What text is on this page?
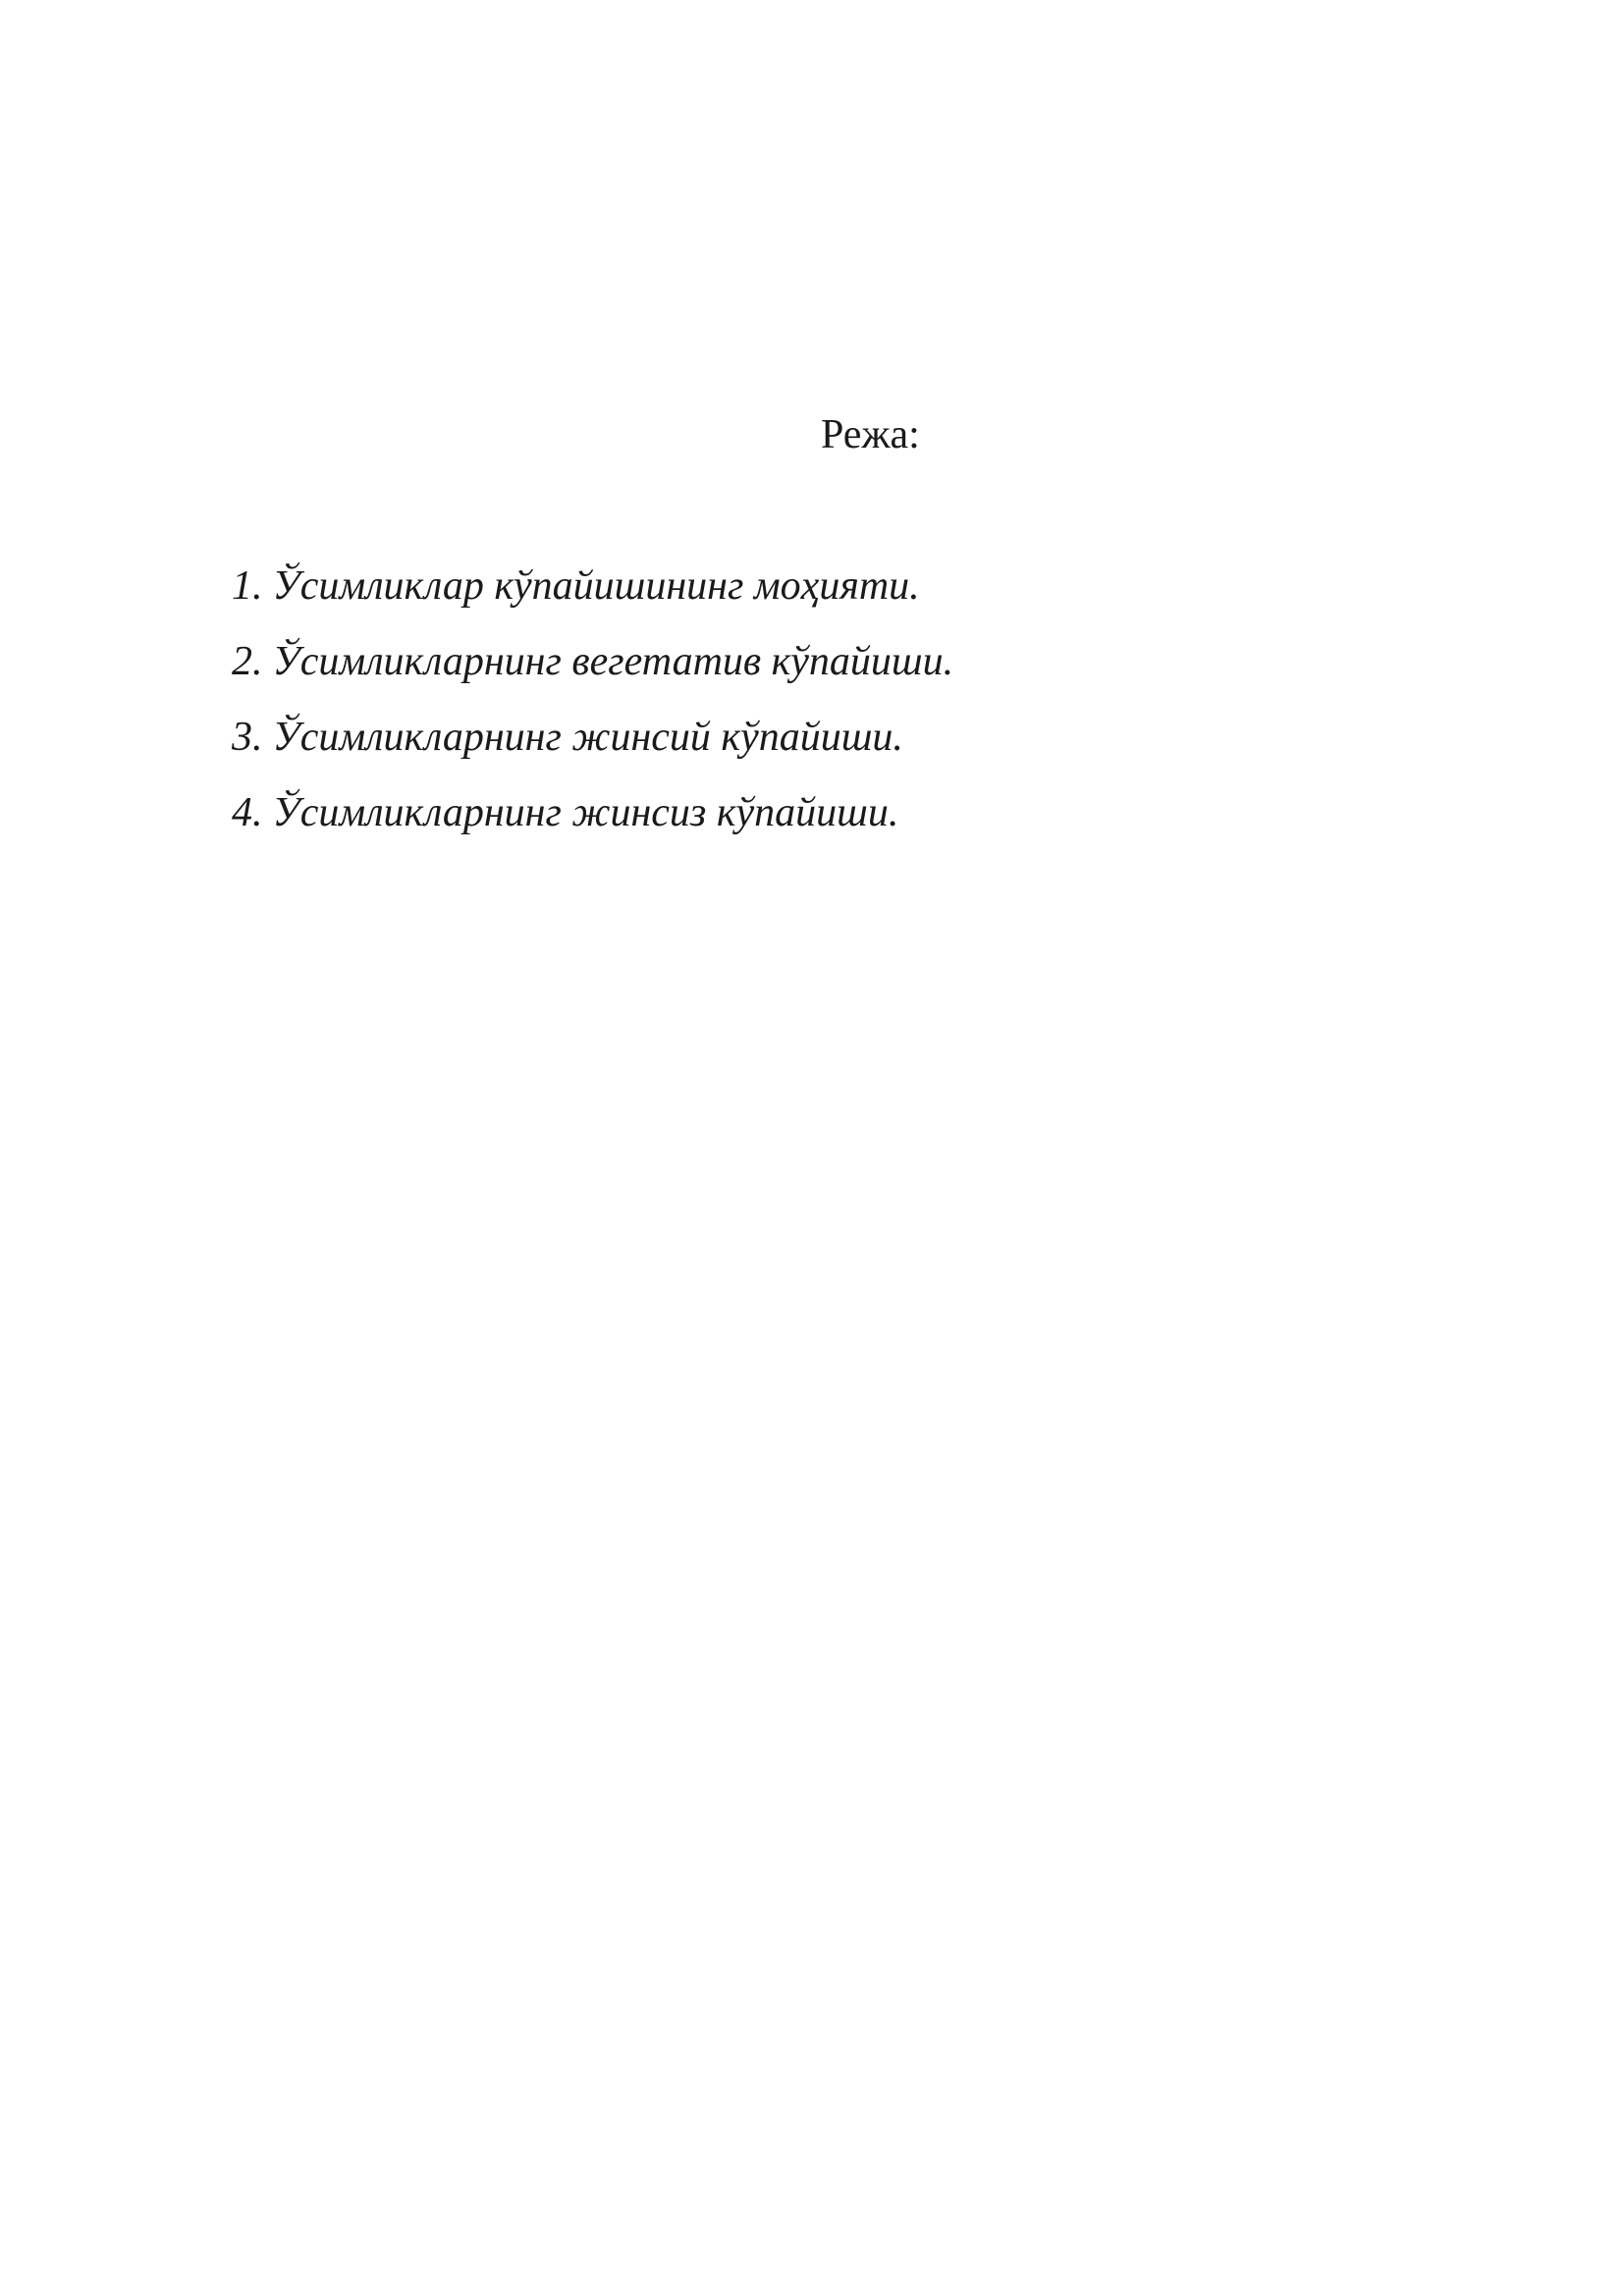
Режа:
1. Ўсимликлар кўпайишининг моҳияти.
2. Ўсимликларнинг вегетатив кўпайиши.
3. Ўсимликларнинг жинсий кўпайиши.
4. Ўсимликларнинг жинсиз кўпайиши.
